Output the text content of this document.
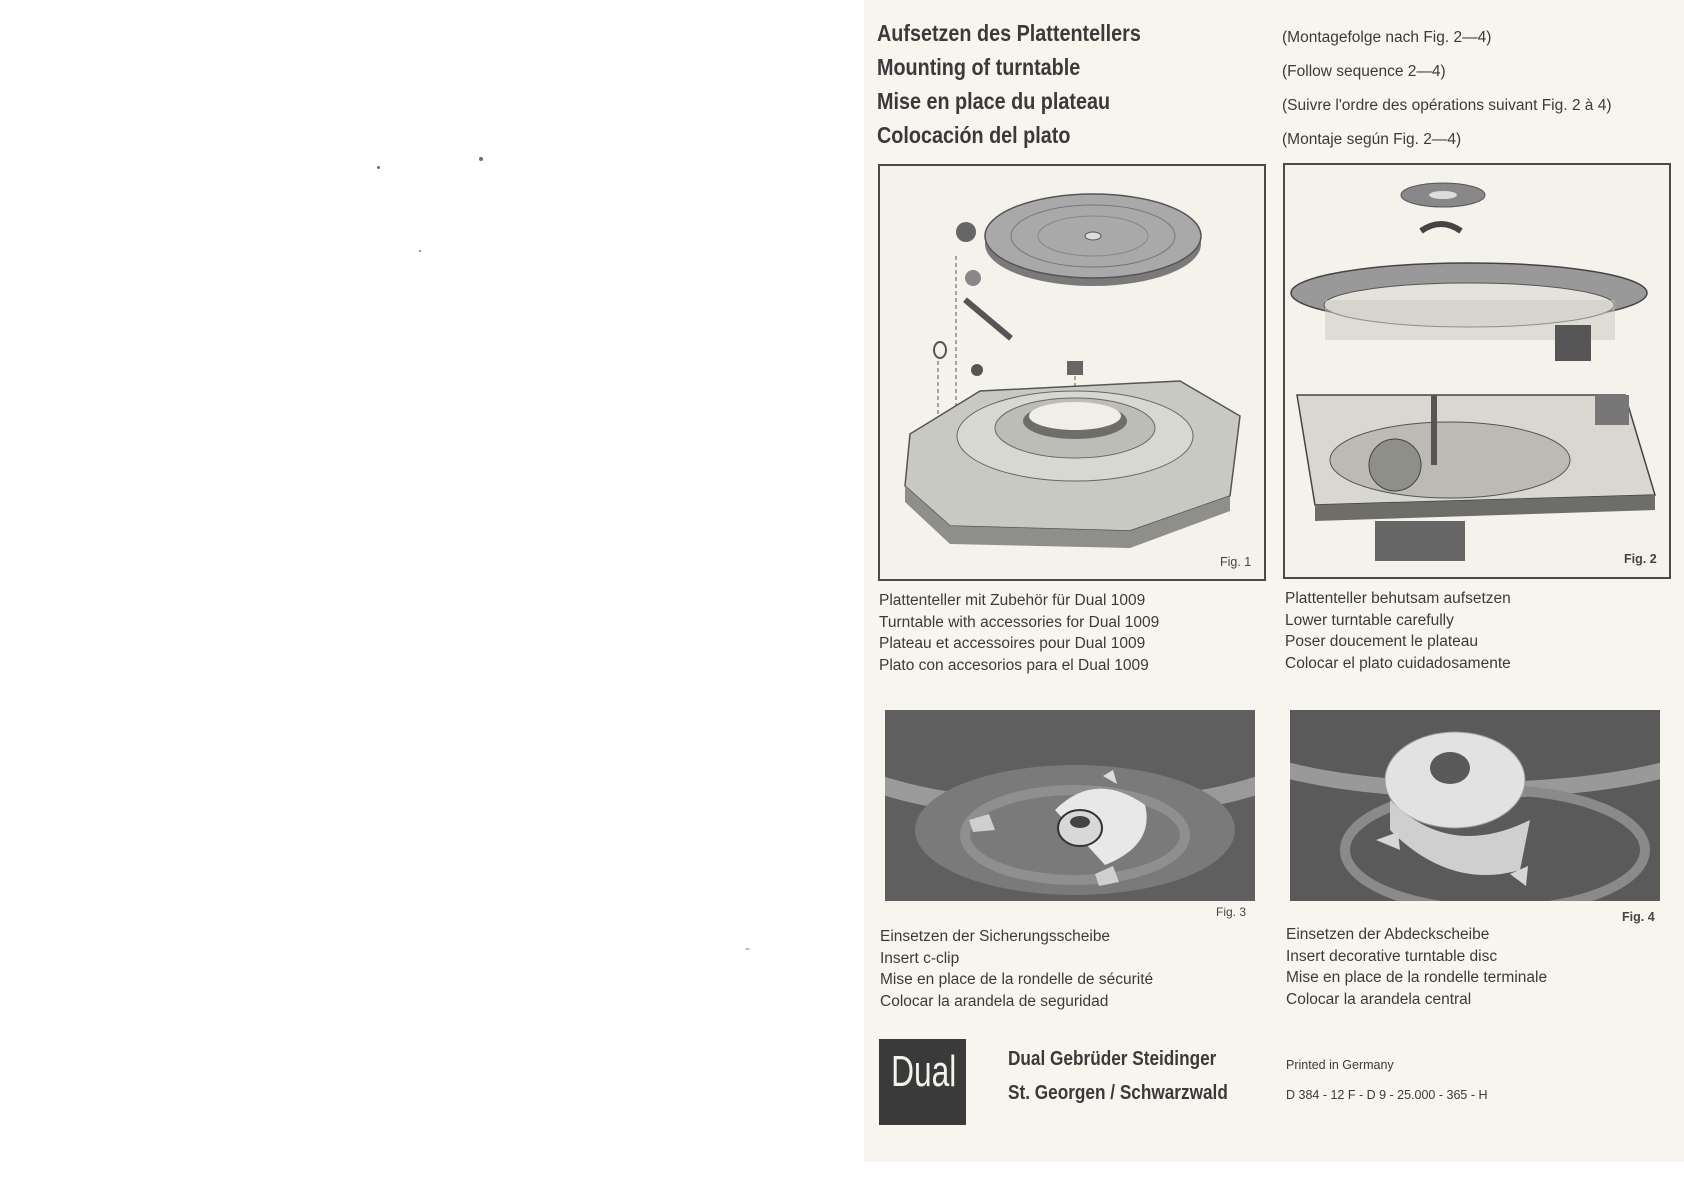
Aufsetzen des Plattentellers
Mounting of turntable
Mise en place du plateau
Colocación del plato
(Montagefolge nach Fig. 2—4)
(Follow sequence 2—4)
(Suivre l'ordre des opérations suivant Fig. 2 à 4)
(Montaje según Fig. 2—4)
Fig. 1	Fig. 2
Plattenteller mit Zubehör für Dual 1009
Turntable with accessories for Dual 1009
Plateau et accessoires pour Dual 1009
Plato con accesorios para el Dual 1009
Plattenteller behutsam aufsetzen
Lower turntable carefully
Poser doucement le plateau
Colocar el plato cuidadosamente
Fig. 3	Fig. 4
Einsetzen der Sicherungsscheibe
Insert c-clip
Mise en place de la rondelle de sécurité
Colocar la arandela de seguridad
Einsetzen der Abdeckscheibe
Insert decorative turntable disc
Mise en place de la rondelle terminale
Colocar la arandela central
Dual	Dual Gebrüder Steidinger
St. Georgen / Schwarzwald
Printed in Germany
D 384 - 12 F - D 9 - 25.000 - 365 - H
